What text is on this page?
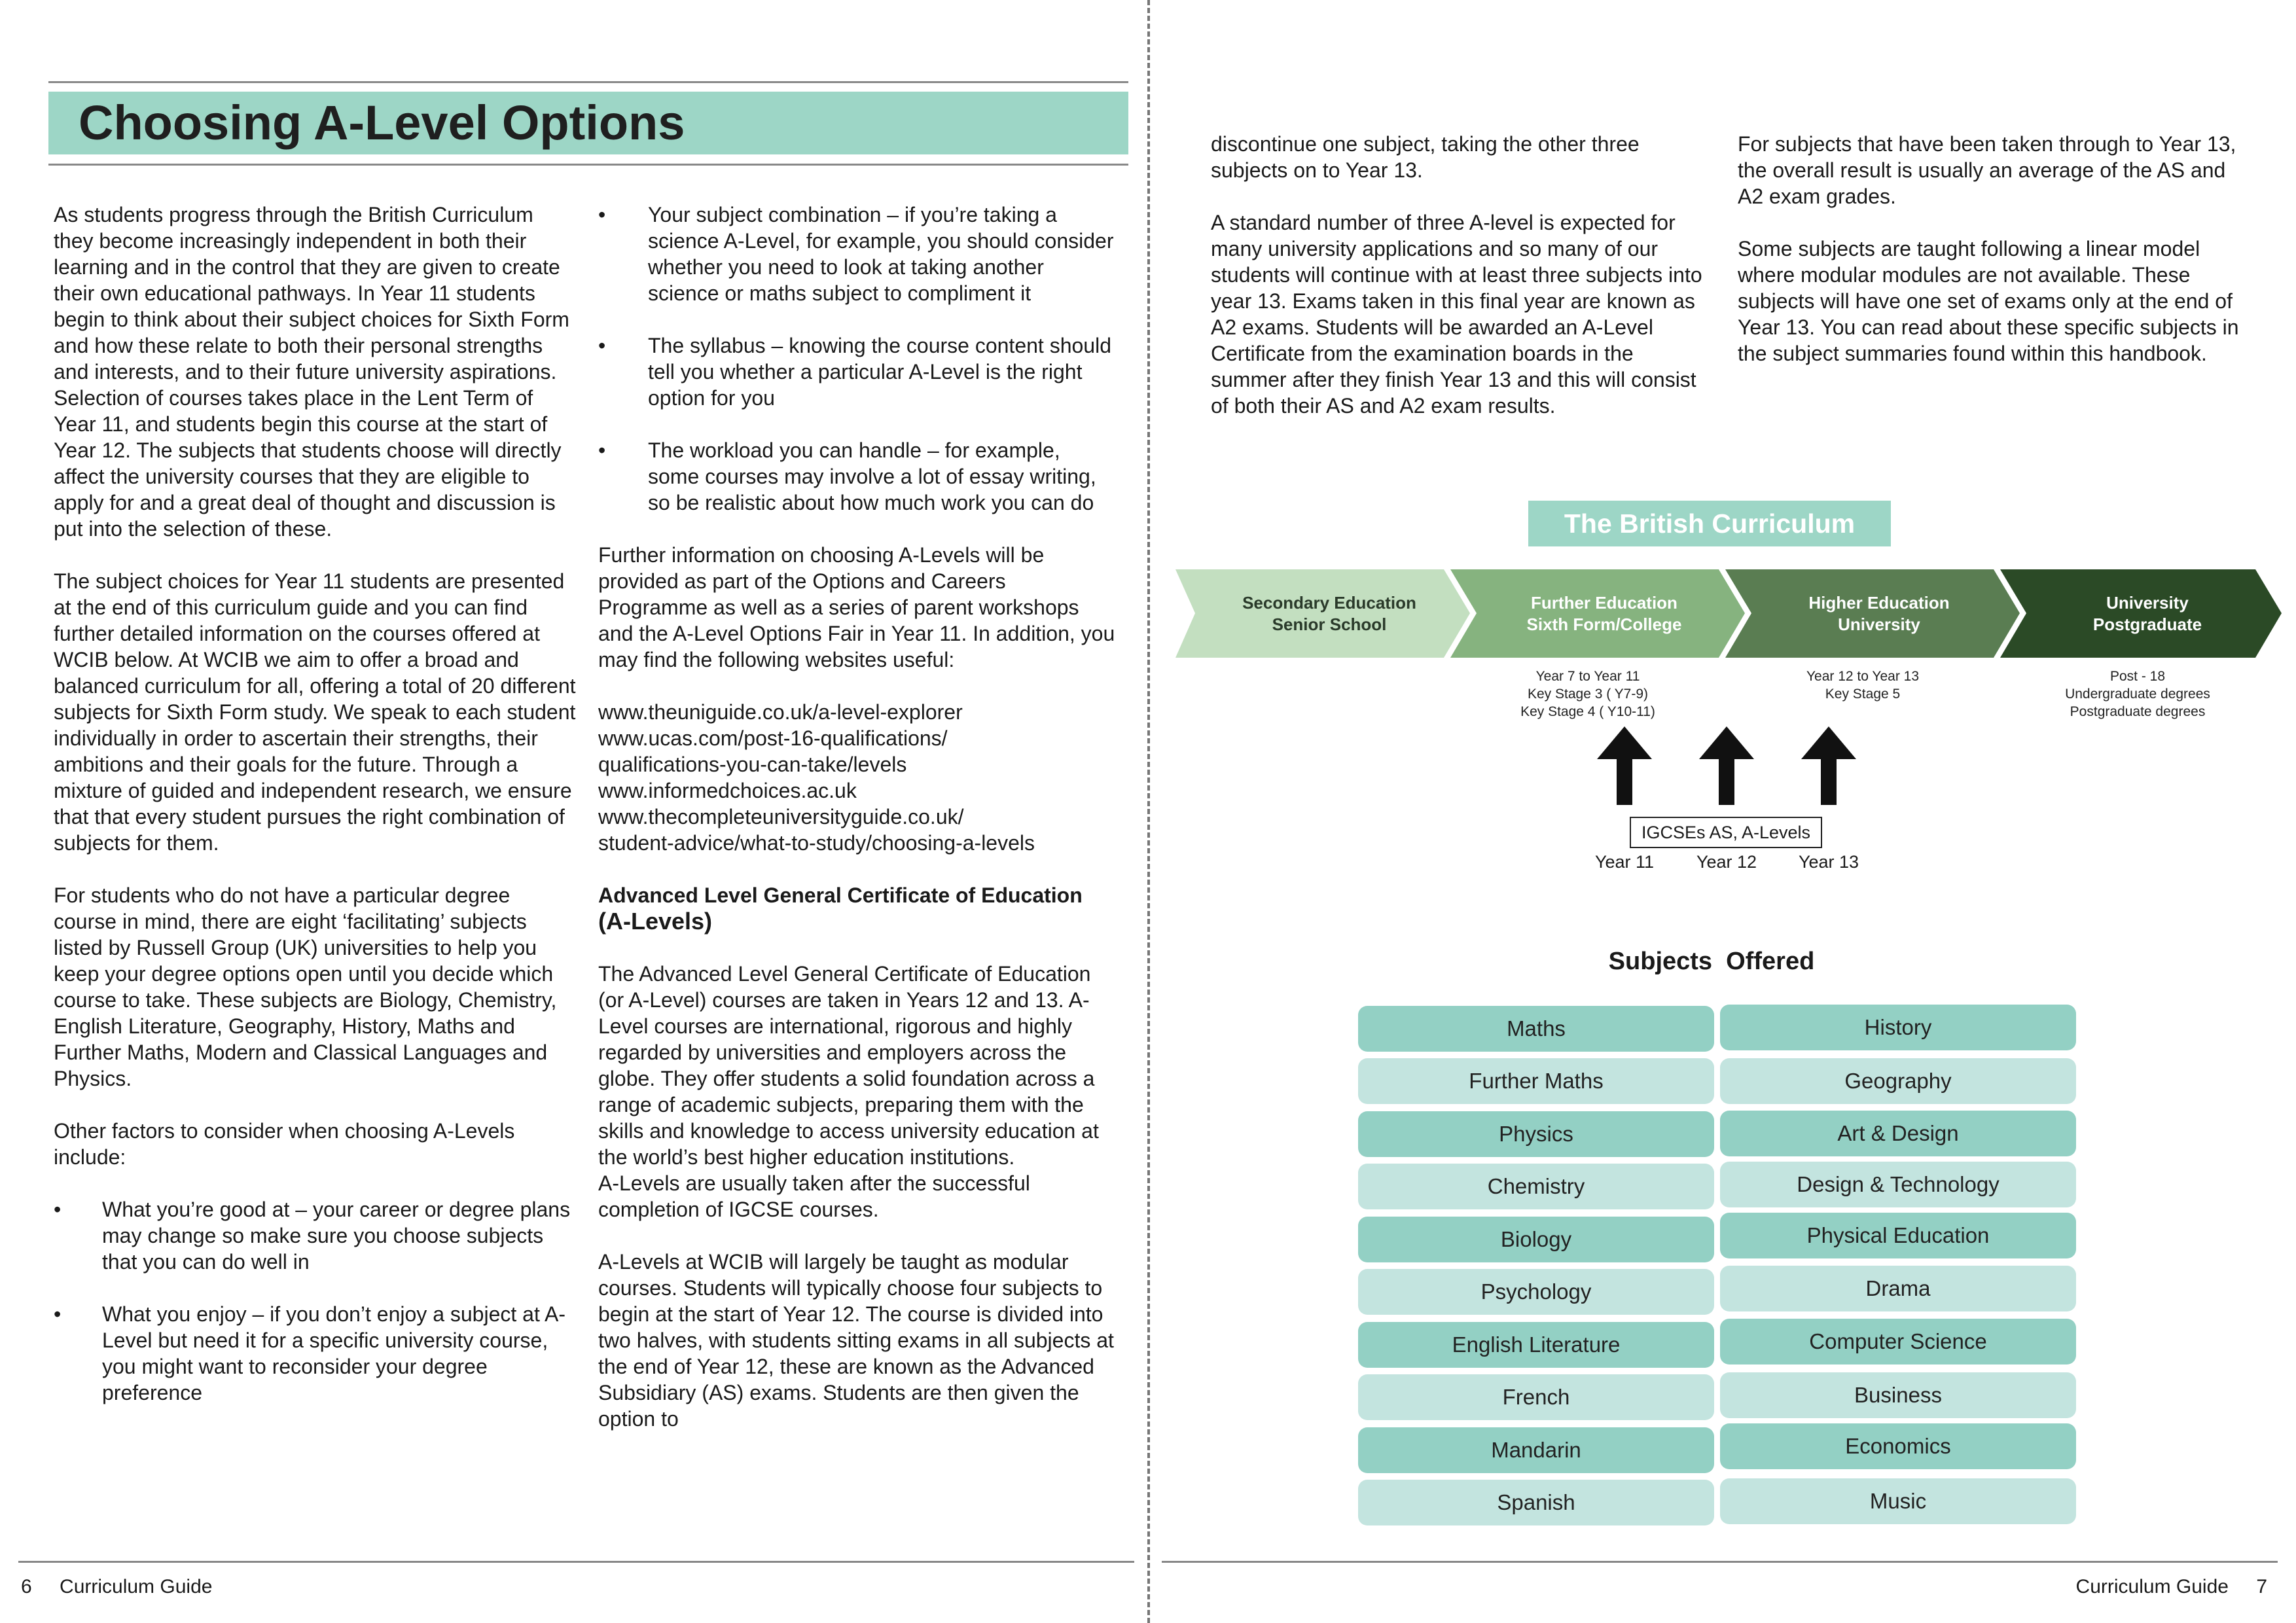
Choosing A-Level Options

As students progress through the British Curriculum they become increasingly independent in both their learning and in the control that they are given to create their own educational pathways. In Year 11 students begin to think about their subject choices for Sixth Form and how these relate to both their personal strengths and interests, and to their future university aspirations. Selection of courses takes place in the Lent Term of Year 11, and students begin this course at the start of Year 12. The subjects that students choose will directly affect the university courses that they are eligible to apply for and a great deal of thought and discussion is put into the selection of these.

The subject choices for Year 11 students are presented at the end of this curriculum guide and you can find further detailed information on the courses offered at WCIB below. At WCIB we aim to offer a broad and balanced curriculum for all, offering a total of 20 different subjects for Sixth Form study. We speak to each student individually in order to ascertain their strengths, their ambitions and their goals for the future. Through a mixture of guided and independent research, we ensure that that every student pursues the right combination of subjects for them.

For students who do not have a particular degree course in mind, there are eight ‘facilitating’ subjects listed by Russell Group (UK) universities to help you keep your degree options open until you decide which course to take. These subjects are Biology, Chemistry, English Literature, Geography, History, Maths and Further Maths, Modern and Classical Languages and Physics.

Other factors to consider when choosing A-Levels include:

• What you’re good at – your career or degree plans may change so make sure you choose subjects that you can do well in
• What you enjoy – if you don’t enjoy a subject at A-Level but need it for a specific university course, you might want to reconsider your degree preference
• Your subject combination – if you’re taking a science A-Level, for example, you should consider whether you need to look at taking another science or maths subject to compliment it
• The syllabus – knowing the course content should tell you whether a particular A-Level is the right option for you
• The workload you can handle – for example, some courses may involve a lot of essay writing, so be realistic about how much work you can do

Further information on choosing A-Levels will be provided as part of the Options and Careers Programme as well as a series of parent workshops and the A-Level Options Fair in Year 11. In addition, you may find the following websites useful:

www.theuniguide.co.uk/a-level-explorer
www.ucas.com/post-16-qualifications/
qualifications-you-can-take/levels
www.informedchoices.ac.uk
www.thecompleteuniversityguide.co.uk/
student-advice/what-to-study/choosing-a-levels
Advanced Level General Certificate of Education
(A-Levels)

The Advanced Level General Certificate of Education (or A-Level) courses are taken in Years 12 and 13. A-Level courses are international, rigorous and highly regarded by universities and employers across the globe. They offer students a solid foundation across a range of academic subjects, preparing them with the skills and knowledge to access university education at the world’s best higher education institutions.

A-Levels are usually taken after the successful completion of IGCSE courses.

A-Levels at WCIB will largely be taught as modular courses. Students will typically choose four subjects to begin at the start of Year 12. The course is divided into two halves, with students sitting exams in all subjects at the end of Year 12, these are known as the Advanced Subsidiary (AS) exams. Students are then given the option to

6 Curriculum Guide

discontinue one subject, taking the other three subjects on to Year 13.

A standard number of three A-level is expected for many university applications and so many of our students will continue with at least three subjects into year 13. Exams taken in this final year are known as A2 exams. Students will be awarded an A-Level Certificate from the examination boards in the summer after they finish Year 13 and this will consist of both their AS and A2 exam results.

For subjects that have been taken through to Year 13, the overall result is usually an average of the AS and A2 exam grades.

Some subjects are taught following a linear model where modular modules are not available. These subjects will have one set of exams only at the end of Year 13. You can read about these specific subjects in the subject summaries found within this handbook.

The British Curriculum
Secondary Education
Senior School
Further Education
Sixth Form/College
Higher Education
University
University
Postgraduate
Year 7 to Year 11
Key Stage 3 ( Y7-9)
Key Stage 4 ( Y10-11)
Year 12 to Year 13
Key Stage 5
Post - 18
Undergraduate degrees
Postgraduate degrees
IGCSEs AS, A-Levels
Year 11 Year 12 Year 13
Subjects  Offered
Maths
Further Maths
Physics
Chemistry
Biology
Psychology
English Literature
French
Mandarin
Spanish
History
Geography
Art & Design
Design & Technology
Physical Education
Drama
Computer Science
Business
Economics
Music
Curriculum Guide 7
